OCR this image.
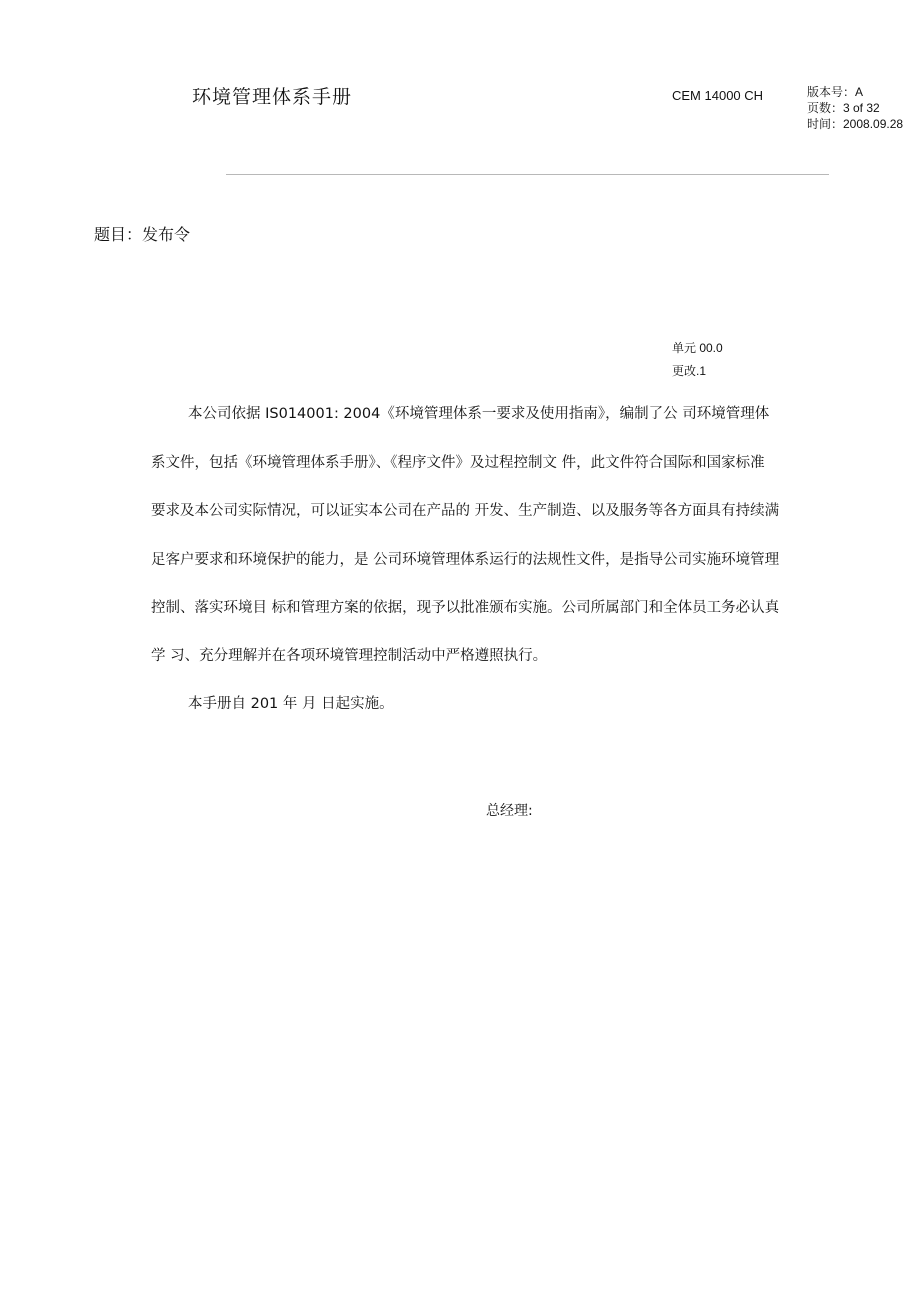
环境管理体系手册	CEM 14000 CH	版本号：A
页数：3 of 32
时间：2008.09.28
题目：发布令
单元 00.0
更改.1
本公司依据 IS014001: 2004《环境管理体系一要求及使用指南》，编制了公 司环境管理体
系文件，包括《环境管理体系手册》、《程序文件》及过程控制文 件，此文件符合国际和国家标准
要求及本公司实际情况，可以证实本公司在产品的 开发、生产制造、以及服务等各方面具有持续满
足客户要求和环境保护的能力，是 公司环境管理体系运行的法规性文件，是指导公司实施环境管理
控制、落实环境目 标和管理方案的依据，现予以批准颁布实施。公司所属部门和全体员工务必认真
学 习、充分理解并在各项环境管理控制活动中严格遵照执行。
本手册自 201 年 月 日起实施。
总经理:
